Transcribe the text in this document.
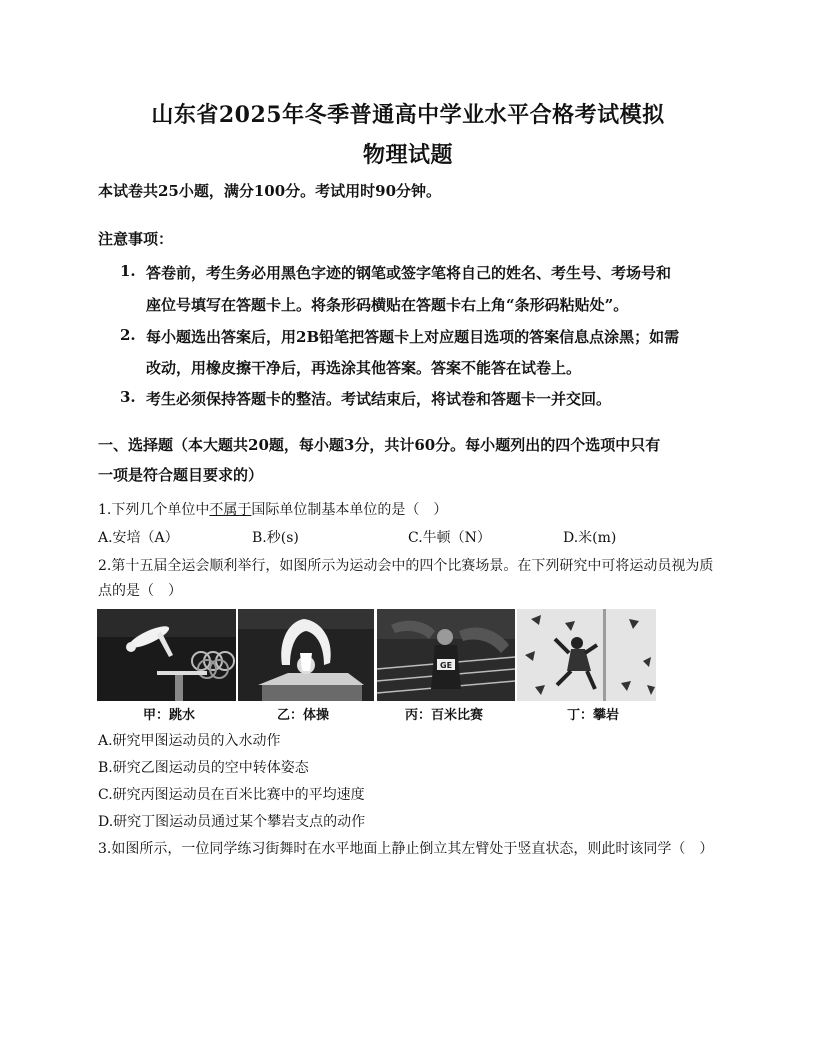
山东省2025年冬季普通高中学业水平合格考试模拟
物理试题
本试卷共25小题，满分100分。考试用时90分钟。
注意事项：
1. 答卷前，考生务必用黑色字迹的钢笔或签字笔将自己的姓名、考生号、考场号和
座位号填写在答题卡上。将条形码横贴在答题卡右上角“条形码粘贴处”。
2. 每小题选出答案后，用2B铅笔把答题卡上对应题目选项的答案信息点涂黑；如需
改动，用橡皮擦干净后，再选涂其他答案。答案不能答在试卷上。
3. 考生必须保持答题卡的整洁。考试结束后，将试卷和答题卡一并交回。
一、选择题（本大题共20题，每小题3分，共计60分。每小题列出的四个选项中只有
一项是符合题目要求的）
1.下列几个单位中不属于国际单位制基本单位的是（　）
A.安培（A）	B.秒(s)	C.牛顿（N）	D.米(m)
2.第十五届全运会顺利举行，如图所示为运动会中的四个比赛场景。在下列研究中可将运动员视为质
点的是（　）
GE
甲：跳水	乙：体操	丙：百米比赛	丁：攀岩
A.研究甲图运动员的入水动作
B.研究乙图运动员的空中转体姿态
C.研究丙图运动员在百米比赛中的平均速度
D.研究丁图运动员通过某个攀岩支点的动作
3.如图所示，一位同学练习街舞时在水平地面上静止倒立其左臂处于竖直状态，则此时该同学（　）
